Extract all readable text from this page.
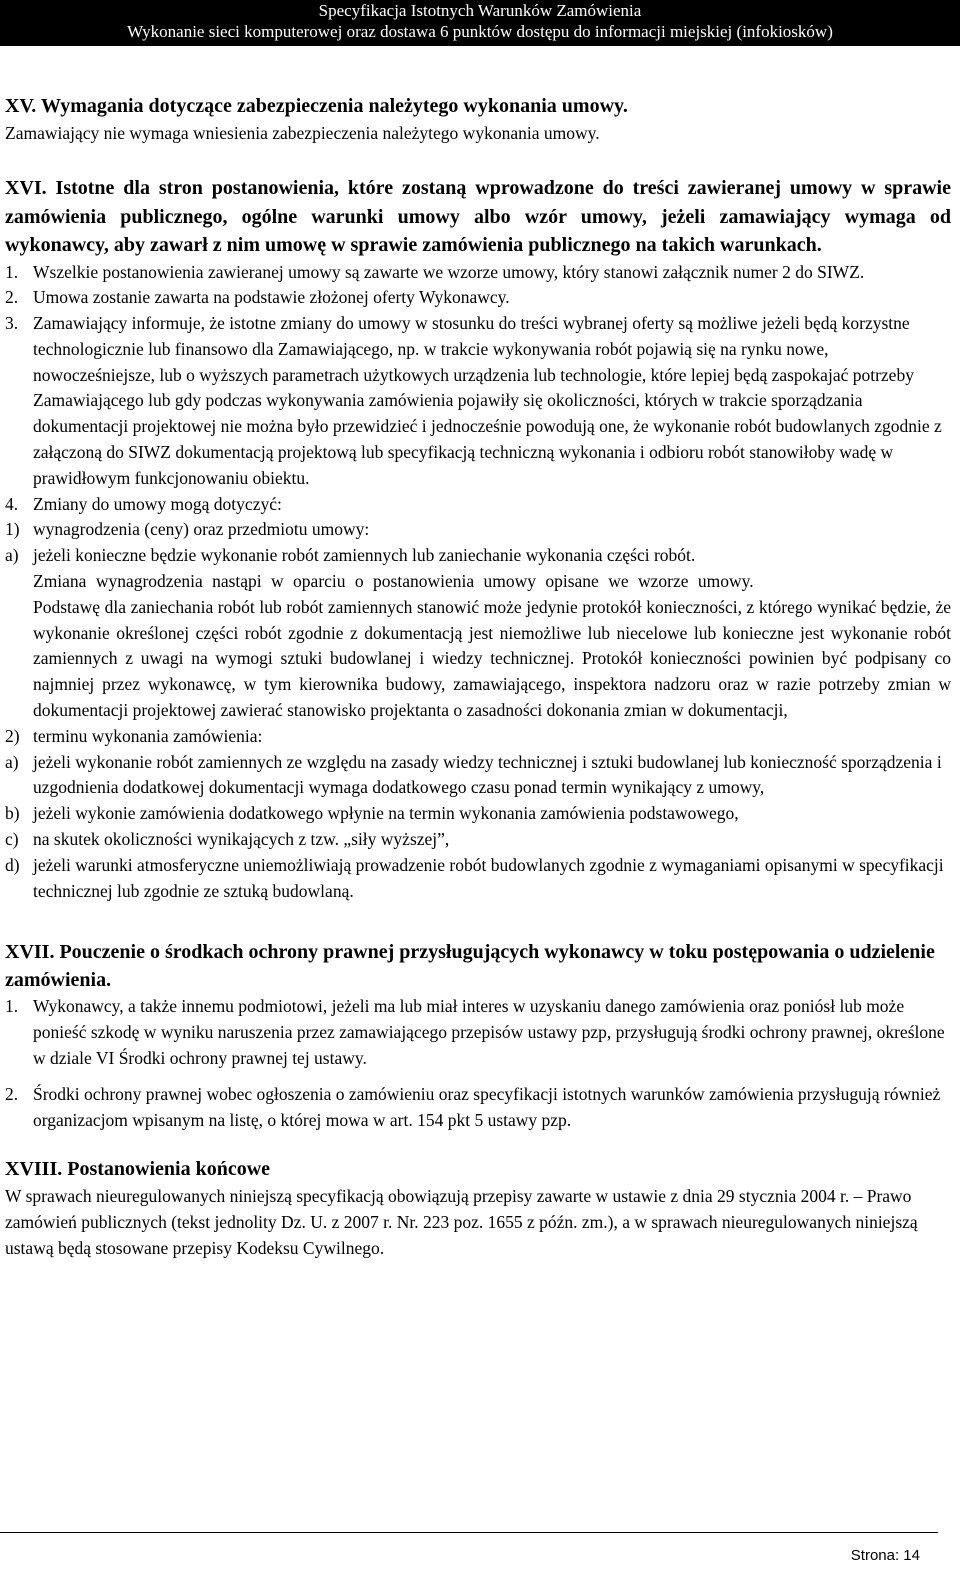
Specyfikacja Istotnych Warunków Zamówienia
Wykonanie sieci komputerowej oraz dostawa 6 punktów dostępu do informacji miejskiej (infokiosków)
XV. Wymagania dotyczące zabezpieczenia należytego wykonania umowy.
Zamawiający nie wymaga wniesienia zabezpieczenia należytego wykonania umowy.
XVI. Istotne dla stron postanowienia, które zostaną wprowadzone do treści zawieranej umowy w sprawie zamówienia publicznego, ogólne warunki umowy albo wzór umowy, jeżeli zamawiający wymaga od wykonawcy, aby zawarł z nim umowę w sprawie zamówienia publicznego na takich warunkach.
1. Wszelkie postanowienia zawieranej umowy są zawarte we wzorze umowy, który stanowi załącznik numer 2 do SIWZ.
2. Umowa zostanie zawarta na podstawie złożonej oferty Wykonawcy.
3. Zamawiający informuje, że istotne zmiany do umowy w stosunku do treści wybranej oferty są możliwe jeżeli będą korzystne technologicznie lub finansowo dla Zamawiającego, np. w trakcie wykonywania robót pojawią się na rynku nowe, nowocześniejsze, lub o wyższych parametrach użytkowych urządzenia lub technologie, które lepiej będą zaspokajać potrzeby Zamawiającego lub gdy podczas wykonywania zamówienia pojawiły się okoliczności, których w trakcie sporządzania dokumentacji projektowej nie można było przewidzieć i jednocześnie powodują one, że wykonanie robót budowlanych zgodnie z załączoną do SIWZ dokumentacją projektową lub specyfikacją techniczną wykonania i odbioru robót stanowiłoby wadę w prawidłowym funkcjonowaniu obiektu.
4. Zmiany do umowy mogą dotyczyć:
1) wynagrodzenia (ceny) oraz przedmiotu umowy:
a) jeżeli konieczne będzie wykonanie robót zamiennych lub zaniechanie wykonania części robót.
Zmiana wynagrodzenia nastąpi w oparciu o postanowienia umowy opisane we wzorze umowy.
Podstawę dla zaniechania robót lub robót zamiennych stanowić może jedynie protokół konieczności, z którego wynikać będzie, że wykonanie określonej części robót zgodnie z dokumentacją jest niemożliwe lub niecelowe lub konieczne jest wykonanie robót zamiennych z uwagi na wymogi sztuki budowlanej i wiedzy technicznej. Protokół konieczności powinien być podpisany co najmniej przez wykonawcę, w tym kierownika budowy, zamawiającego, inspektora nadzoru oraz w razie potrzeby zmian w dokumentacji projektowej zawierać stanowisko projektanta o zasadności dokonania zmian w dokumentacji,
2) terminu wykonania zamówienia:
a) jeżeli wykonanie robót zamiennych ze względu na zasady wiedzy technicznej i sztuki budowlanej lub konieczność sporządzenia i uzgodnienia dodatkowej dokumentacji wymaga dodatkowego czasu ponad termin wynikający z umowy,
b) jeżeli wykonie zamówienia dodatkowego wpłynie na termin wykonania zamówienia podstawowego,
c) na skutek okoliczności wynikających z tzw. „siły wyższej”,
d) jeżeli warunki atmosferyczne uniemożliwiają prowadzenie robót budowlanych zgodnie z wymaganiami opisanymi w specyfikacji technicznej lub zgodnie ze sztuką budowlaną.
XVII. Pouczenie o środkach ochrony prawnej przysługujących wykonawcy w toku postępowania o udzielenie zamówienia.
1. Wykonawcy, a także innemu podmiotowi, jeżeli ma lub miał interes w uzyskaniu danego zamówienia oraz poniósł lub może ponieść szkodę w wyniku naruszenia przez zamawiającego przepisów ustawy pzp, przysługują środki ochrony prawnej, określone w dziale VI Środki ochrony prawnej tej ustawy.
2. Środki ochrony prawnej wobec ogłoszenia o zamówieniu oraz specyfikacji istotnych warunków zamówienia przysługują również organizacjom wpisanym na listę, o której mowa w art. 154 pkt 5 ustawy pzp.
XVIII. Postanowienia końcowe
W sprawach nieuregulowanych niniejszą specyfikacją obowiązują przepisy zawarte w ustawie z dnia 29 stycznia 2004 r. – Prawo zamówień publicznych (tekst jednolity Dz. U. z 2007 r. Nr. 223 poz. 1655 z późn. zm.), a w sprawach nieuregulowanych niniejszą ustawą będą stosowane przepisy Kodeksu Cywilnego.
Strona: 14
